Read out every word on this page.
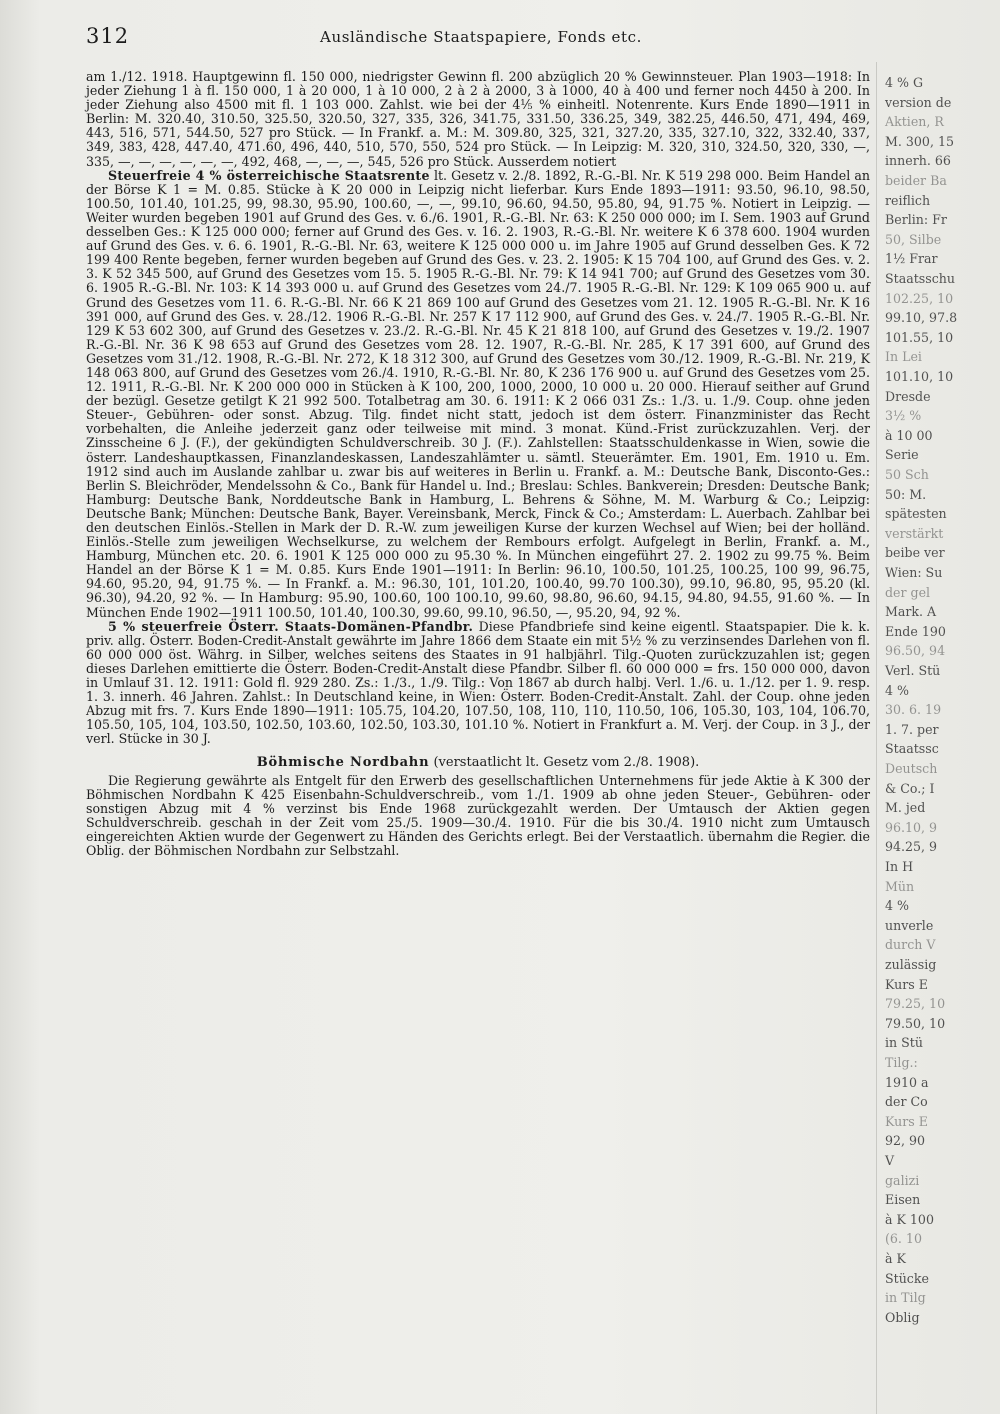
312	Ausländische Staatspapiere, Fonds etc.

am 1./12. 1918. Hauptgewinn fl. 150 000, niedrigster Gewinn fl. 200 abzüglich 20 % Gewinnsteuer. Plan 1903—1918: In jeder Ziehung 1 à fl. 150 000, 1 à 20 000, 1 à 10 000, 2 à 2 à 2000, 3 à 1000, 40 à 400 und ferner noch 4450 à 200. In jeder Ziehung also 4500 mit fl. 1 103 000. Zahlst. wie bei der 4⅕ % einheitl. Notenrente. Kurs Ende 1890—1911 in Berlin: M. 320.40, 310.50, 325.50, 320.50, 327, 335, 326, 341.75, 331.50, 336.25, 349, 382.25, 446.50, 471, 494, 469, 443, 516, 571, 544.50, 527 pro Stück. — In Frankf. a. M.: M. 309.80, 325, 321, 327.20, 335, 327.10, 322, 332.40, 337, 349, 383, 428, 447.40, 471.60, 496, 440, 510, 570, 550, 524 pro Stück. — In Leipzig: M. 320, 310, 324.50, 320, 330, —, 335, —, —, —, —, —, —, 492, 468, —, —, —, 545, 526 pro Stück. Ausserdem notiert

Steuerfreie 4 % österreichische Staatsrente lt. Gesetz v. 2./8. 1892, R.-G.-Bl. Nr. K 519 298 000. Beim Handel an der Börse K 1 = M. 0.85. Stücke à K 20 000 in Leipzig nicht lieferbar. Kurs Ende 1893—1911: 93.50, 96.10, 98.50, 100.50, 101.40, 101.25, 99, 98.30, 95.90, 100.60, —, —, 99.10, 96.60, 94.50, 95.80, 94, 91.75 %. Notiert in Leipzig. — Weiter wurden begeben 1901 auf Grund des Ges. v. 6./6. 1901, R.-G.-Bl. Nr. 63: K 250 000 000; im I. Sem. 1903 auf Grund desselben Ges.: K 125 000 000; ferner auf Grund des Ges. v. 16. 2. 1903, R.-G.-Bl. Nr. weitere K 6 378 600. 1904 wurden auf Grund des Ges. v. 6. 6. 1901, R.-G.-Bl. Nr. 63, weitere K 125 000 000 u. im Jahre 1905 auf Grund desselben Ges. K 72 199 400 Rente begeben, ferner wurden begeben auf Grund des Ges. v. 23. 2. 1905: K 15 704 100, auf Grund des Ges. v. 2. 3. K 52 345 500, auf Grund des Gesetzes vom 15. 5. 1905 R.-G.-Bl. Nr. 79: K 14 941 700; auf Grund des Gesetzes vom 30. 6. 1905 R.-G.-Bl. Nr. 103: K 14 393 000 u. auf Grund des Gesetzes vom 24./7. 1905 R.-G.-Bl. Nr. 129: K 109 065 900 u. auf Grund des Gesetzes vom 11. 6. R.-G.-Bl. Nr. 66 K 21 869 100 auf Grund des Gesetzes vom 21. 12. 1905 R.-G.-Bl. Nr. K 16 391 000, auf Grund des Ges. v. 28./12. 1906 R.-G.-Bl. Nr. 257 K 17 112 900, auf Grund des Ges. v. 24./7. 1905 R.-G.-Bl. Nr. 129 K 53 602 300, auf Grund des Gesetzes v. 23./2. R.-G.-Bl. Nr. 45 K 21 818 100, auf Grund des Gesetzes v. 19./2. 1907 R.-G.-Bl. Nr. 36 K 98 653 auf Grund des Gesetzes vom 28. 12. 1907, R.-G.-Bl. Nr. 285, K 17 391 600, auf Grund des Gesetzes vom 31./12. 1908, R.-G.-Bl. Nr. 272, K 18 312 300, auf Grund des Gesetzes vom 30./12. 1909, R.-G.-Bl. Nr. 219, K 148 063 800, auf Grund des Gesetzes vom 26./4. 1910, R.-G.-Bl. Nr. 80, K 236 176 900 u. auf Grund des Gesetzes vom 25. 12. 1911, R.-G.-Bl. Nr. K 200 000 000 in Stücken à K 100, 200, 1000, 2000, 10 000 u. 20 000. Hierauf seither auf Grund der bezügl. Gesetze getilgt K 21 992 500. Totalbetrag am 30. 6. 1911: K 2 066 031 Zs.: 1./3. u. 1./9. Coup. ohne jeden Steuer-, Gebühren- oder sonst. Abzug. Tilg. findet nicht statt, jedoch ist dem österr. Finanzminister das Recht vorbehalten, die Anleihe jederzeit ganz oder teilweise mit mind. 3 monat. Künd.-Frist zurückzuzahlen. Verj. der Zinsscheine 6 J. (F.), der gekündigten Schuldverschreib. 30 J. (F.). Zahlstellen: Staatsschuldenkasse in Wien, sowie die österr. Landeshauptkassen, Finanzlandeskassen, Landeszahlämter u. sämtl. Steuerämter. Em. 1901, Em. 1910 u. Em. 1912 sind auch im Auslande zahlbar u. zwar bis auf weiteres in Berlin u. Frankf. a. M.: Deutsche Bank, Disconto-Ges.: Berlin S. Bleichröder, Mendelssohn & Co., Bank für Handel u. Ind.; Breslau: Schles. Bankverein; Dresden: Deutsche Bank; Hamburg: Deutsche Bank, Norddeutsche Bank in Hamburg, L. Behrens & Söhne, M. M. Warburg & Co.; Leipzig: Deutsche Bank; München: Deutsche Bank, Bayer. Vereinsbank, Merck, Finck & Co.; Amsterdam: L. Auerbach. Zahlbar bei den deutschen Einlös.-Stellen in Mark der D. R.-W. zum jeweiligen Kurse der kurzen Wechsel auf Wien; bei der holländ. Einlös.-Stelle zum jeweiligen Wechselkurse, zu welchem der Rembours erfolgt. Aufgelegt in Berlin, Frankf. a. M., Hamburg, München etc. 20. 6. 1901 K 125 000 000 zu 95.30 %. In München eingeführt 27. 2. 1902 zu 99.75 %. Beim Handel an der Börse K 1 = M. 0.85. Kurs Ende 1901—1911: In Berlin: 96.10, 100.50, 101.25, 100.25, 100 99, 96.75, 94.60, 95.20, 94, 91.75 %. — In Frankf. a. M.: 96.30, 101, 101.20, 100.40, 99.70 100.30), 99.10, 96.80, 95, 95.20 (kl. 96.30), 94.20, 92 %. — In Hamburg: 95.90, 100.60, 100 100.10, 99.60, 98.80, 96.60, 94.15, 94.80, 94.55, 91.60 %. — In München Ende 1902—1911 100.50, 101.40, 100.30, 99.60, 99.10, 96.50, —, 95.20, 94, 92 %.

5 % steuerfreie Österr. Staats-Domänen-Pfandbr. Diese Pfandbriefe sind keine eigentl. Staatspapier. Die k. k. priv. allg. Österr. Boden-Credit-Anstalt gewährte im Jahre 1866 dem Staate ein mit 5½ % zu verzinsendes Darlehen von fl. 60 000 000 öst. Währg. in Silber, welches seitens des Staates in 91 halbjährl. Tilg.-Quoten zurückzuzahlen ist; gegen dieses Darlehen emittierte die Österr. Boden-Credit-Anstalt diese Pfandbr. Silber fl. 60 000 000 = frs. 150 000 000, davon in Umlauf 31. 12. 1911: Gold fl. 929 280. Zs.: 1./3., 1./9. Tilg.: Von 1867 ab durch halbj. Verl. 1./6. u. 1./12. per 1. 9. resp. 1. 3. innerh. 46 Jahren. Zahlst.: In Deutschland keine, in Wien: Österr. Boden-Credit-Anstalt. Zahl. der Coup. ohne jeden Abzug mit frs. 7. Kurs Ende 1890—1911: 105.75, 104.20, 107.50, 108, 110, 110, 110.50, 106, 105.30, 103, 104, 106.70, 105.50, 105, 104, 103.50, 102.50, 103.60, 102.50, 103.30, 101.10 %. Notiert in Frankfurt a. M. Verj. der Coup. in 3 J., der verl. Stücke in 30 J.

Böhmische Nordbahn (verstaatlicht lt. Gesetz vom 2./8. 1908).

Die Regierung gewährte als Entgelt für den Erwerb des gesellschaftlichen Unternehmens für jede Aktie à K 300 der Böhmischen Nordbahn K 425 Eisenbahn-Schuldverschreib., vom 1./1. 1909 ab ohne jeden Steuer-, Gebühren- oder sonstigen Abzug mit 4 % verzinst bis Ende 1968 zurückgezahlt werden. Der Umtausch der Aktien gegen Schuldverschreib. geschah in der Zeit vom 25./5. 1909—30./4. 1910. Für die bis 30./4. 1910 nicht zum Umtausch eingereichten Aktien wurde der Gegenwert zu Händen des Gerichts erlegt. Bei der Verstaatlich. übernahm die Regier. die Oblig. der Böhmischen Nordbahn zur Selbstzahl.

4 % G
version de
Aktien, R
M. 300, 15
innerh. 66
beider Ba
reiflich
Berlin: Fr
50, Silbe
1½ Frar
Staatsschu
102.25, 10
99.10, 97.8
101.55, 10
In Lei
101.10, 10
Dresde
3½ %
à 10 00
Serie
50 Sch
50: M.
spätesten
verstärkt
beibe ver
Wien: Su
der gel
Mark. A
Ende 190
96.50, 94
Verl. Stü
4 %
30. 6. 19
1. 7. per
Staatssc
Deutsch
& Co.; I
M. jed
96.10, 9
94.25, 9
In H
Mün
4 %
unverle
durch V
zulässig
Kurs E
79.25, 10
79.50, 10
in Stü
Tilg.:
1910 a
der Co
Kurs E
92, 90
V
galizi
Eisen
à K 100
(6. 10
à K
Stücke
in Tilg
Oblig
